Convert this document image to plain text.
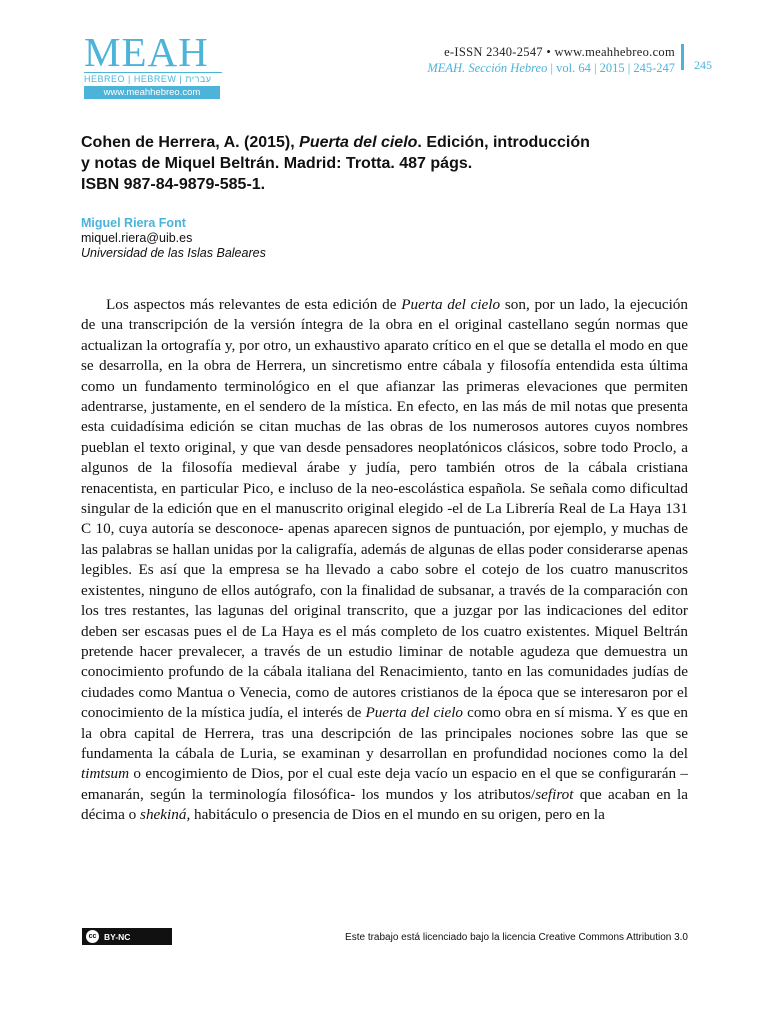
MEAH
HEBREO | HEBREW | עברית
www.meahhebreo.com
e-ISSN 2340-2547 • www.meahhebreo.com
MEAH. Sección Hebreo | vol. 64 | 2015 | 245-247 245
Cohen de Herrera, A. (2015), Puerta del cielo. Edición, introducción
y notas de Miquel Beltrán. Madrid: Trotta. 487 págs.
ISBN 987-84-9879-585-1.
Miguel Riera Font
miquel.riera@uib.es
Universidad de las Islas Baleares

Los aspectos más relevantes de esta edición de Puerta del cielo son, por un lado, la ejecución de una transcripción de la versión íntegra de la obra en el original castellano según normas que actualizan la ortografía y, por otro, un exhaustivo aparato crítico en el que se detalla el modo en que se desarrolla, en la obra de Herrera, un sincretismo entre cábala y filosofía entendida esta última como un fundamento terminológico en el que afianzar las primeras elevaciones que permiten adentrarse, justamente, en el sendero de la mística. En efecto, en las más de mil notas que presenta esta cuidadísima edición se citan muchas de las obras de los numerosos autores cuyos nombres pueblan el texto original, y que van desde pensadores neoplatónicos clásicos, sobre todo Proclo, a algunos de la filosofía medieval árabe y judía, pero también otros de la cábala cristiana renacentista, en particular Pico, e incluso de la neo-escolástica española. Se señala como dificultad singular de la edición que en el manuscrito original elegido -el de La Librería Real de La Haya 131 C 10, cuya autoría se desconoce- apenas aparecen signos de puntuación, por ejemplo, y muchas de las palabras se hallan unidas por la caligrafía, además de algunas de ellas poder considerarse apenas legibles. Es así que la empresa se ha llevado a cabo sobre el cotejo de los cuatro manuscritos existentes, ninguno de ellos autógrafo, con la finalidad de subsanar, a través de la comparación con los tres restantes, las lagunas del original transcrito, que a juzgar por las indicaciones del editor deben ser escasas pues el de La Haya es el más completo de los cuatro existentes. Miquel Beltrán pretende hacer prevalecer, a través de un estudio liminar de notable agudeza que demuestra un conocimiento profundo de la cábala italiana del Renacimiento, tanto en las comunidades judías de ciudades como Mantua o Venecia, como de autores cristianos de la época que se interesaron por el conocimiento de la mística judía, el interés de Puerta del cielo como obra en sí misma. Y es que en la obra capital de Herrera, tras una descripción de las principales nociones sobre las que se fundamenta la cábala de Luria, se examinan y desarrollan en profundidad nociones como la del timtsum o encogimiento de Dios, por el cual este deja vacío un espacio en el que se configurarán –emanarán, según la terminología filosófica- los mundos y los atributos/sefirot que acaban en la décima o shekiná, habitáculo o presencia de Dios en el mundo en su origen, pero en la

cc BY-NC	Este trabajo está licenciado bajo la licencia Creative Commons Attribution 3.0
